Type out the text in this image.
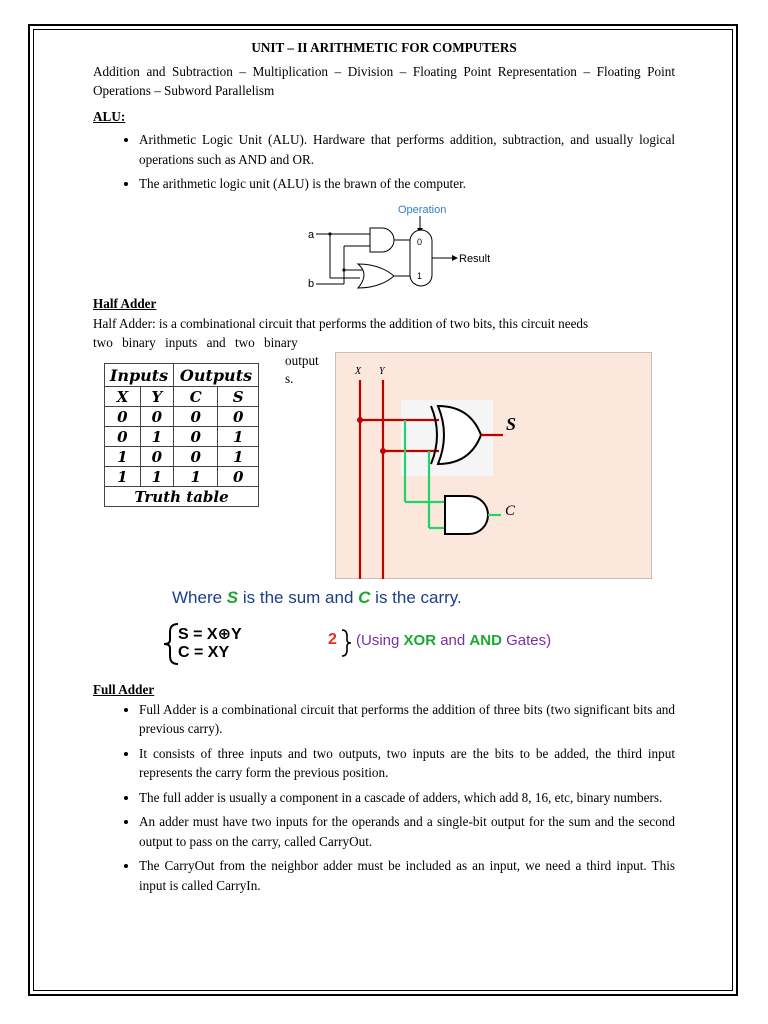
UNIT – II ARITHMETIC FOR COMPUTERS
Addition and Subtraction – Multiplication – Division – Floating Point Representation – Floating Point Operations – Subword Parallelism
ALU:
• Arithmetic Logic Unit (ALU). Hardware that performs addition, subtraction, and usually logical operations such as AND and OR.
• The arithmetic logic unit (ALU) is the brawn of the computer.
Operation
a
b
0
1
Result
Half Adder
Half Adder: is a combinational circuit that performs the addition of two bits, this circuit needs
two binary inputs and two binary
output
s.
Inputs		Outputs	
X	Y	C	S
0	0	0	0
0	1	0	1
1	0	0	1
1	1	1	0
Truth table			
X Y
S
C
Where S is the sum and C is the carry.
S = X⊕Y
C = XY
2 (Using XOR and AND Gates)
Full Adder
• Full Adder is a combinational circuit that performs the addition of three bits (two significant bits and previous carry).
• It consists of three inputs and two outputs, two inputs are the bits to be added, the third input represents the carry form the previous position.
• The full adder is usually a component in a cascade of adders, which add 8, 16, etc, binary numbers.
• An adder must have two inputs for the operands and a single-bit output for the sum and the second output to pass on the carry, called CarryOut.
• The CarryOut from the neighbor adder must be included as an input, we need a third input. This input is called CarryIn.
